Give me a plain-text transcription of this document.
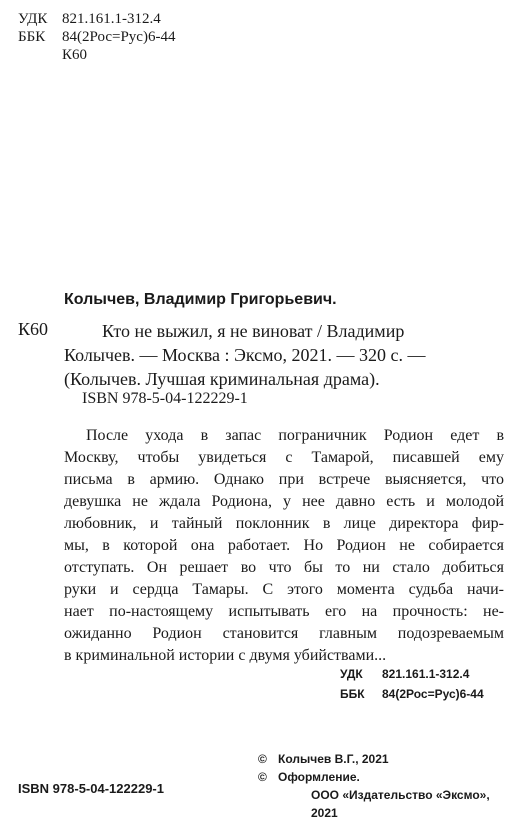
УДК 821.161.1-312.4
ББК 84(2Рос=Рус)6-44
К60
Колычев, Владимир Григорьевич.
К60	Кто не выжил, я не виноват / Владимир
Колычев. — Москва : Эксмо, 2021. — 320 с. —
(Колычев. Лучшая криминальная драма).
ISBN 978-5-04-122229-1
После ухода в запас пограничник Родион едет в
Москву, чтобы увидеться с Тамарой, писавшей ему
письма в армию. Однако при встрече выясняется, что
девушка не ждала Родиона, у нее давно есть и молодой
любовник, и тайный поклонник в лице директора фир-
мы, в которой она работает. Но Родион не собирается
отступать. Он решает во что бы то ни стало добиться
руки и сердца Тамары. С этого момента судьба начи-
нает по-настоящему испытывать его на прочность: не-
ожиданно Родион становится главным подозреваемым
в криминальной истории с двумя убийствами...
УДК 821.161.1-312.4
ББК 84(2Рос=Рус)6-44
ISBN 978-5-04-122229-1
© Колычев В.Г., 2021
© Оформление.
ООО «Издательство «Эксмо», 2021
